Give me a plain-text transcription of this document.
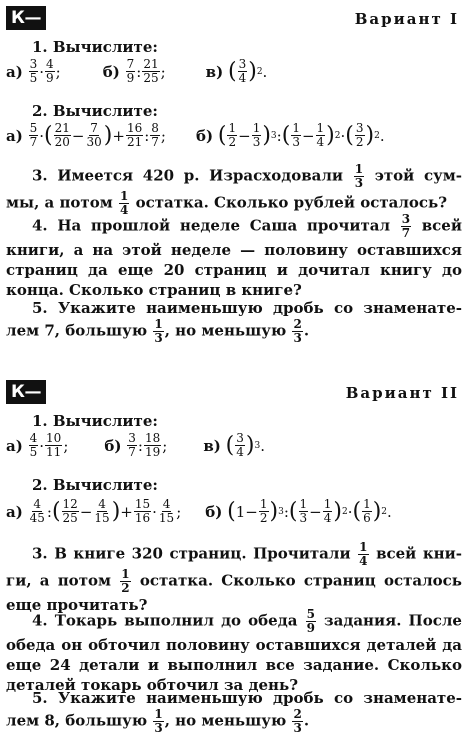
К—7
Вариант I
1. Вычислите:
а)
$\frac{3}{5} \cdot \frac{4}{9}$ ;	б)
$\frac{7}{9}$ : $\frac{21}{25}$ ;	в)
( $\frac{3}{4}$ ) 2 .
2. Вычислите:
а)
$\frac{5}{7}$ · ( $\frac{21}{20} - \frac{7}{30}$ ) + $\frac{16}{21}$ : $\frac{8}{7}$ ; б)
( $\frac{1}{2} - \frac{1}{3}$ ) 3 : ( $\frac{1}{3} - \frac{1}{4}$ ) 2 · ( $\frac{3}{2}$ ) 2 .
3. Имеется 420 р. Израсходовали $\frac{1}{3}$ этой сум-мы, а потом $\frac{1}{4}$ остатка. Сколько рублей осталось?
4. На прошлой неделе Саша прочитал $\frac{3}{7}$ всей книги, а на этой неделе — половину оставшихся страниц да еще 20 страниц и дочитал книгу до конца. Сколько страниц в книге?
5. Укажите наименьшую дробь со знаменате-лем 7, большую $\frac{1}{3}$ , но меньшую $\frac{2}{3}$ .
К—7
Вариант II
1. Вычислите:
а)
$\frac{4}{5} \cdot \frac{10}{11}$ ; б)
$\frac{3}{7}$ : $\frac{18}{19}$ ; в)
( $\frac{3}{4}$ ) 3 .
2. Вычислите:
а)
$\frac{4}{45}$ : ( $\frac{12}{25} - \frac{4}{15}$ ) + $\frac{15}{16} \cdot \frac{4}{15}$ ; б)
( $1- \frac{1}{2}$ ) 3 : ( $\frac{1}{3} - \frac{1}{4}$ ) 2 · ( $\frac{1}{6}$ ) 2 .
3. В книге 320 страниц. Прочитали $\frac{1}{4}$ всей кни-ги, а потом $\frac{1}{2}$ остатка. Сколько страниц осталось еще прочитать?
4. Токарь выполнил до обеда $\frac{5}{9}$ задания. После обеда он обточил половину оставшихся деталей да еще 24 детали и выполнил все задание. Сколько деталей токарь обточил за день?
5. Укажите наименьшую дробь со знаменате-лем 8, большую $\frac{1}{3}$ , но меньшую $\frac{2}{3}$ .
